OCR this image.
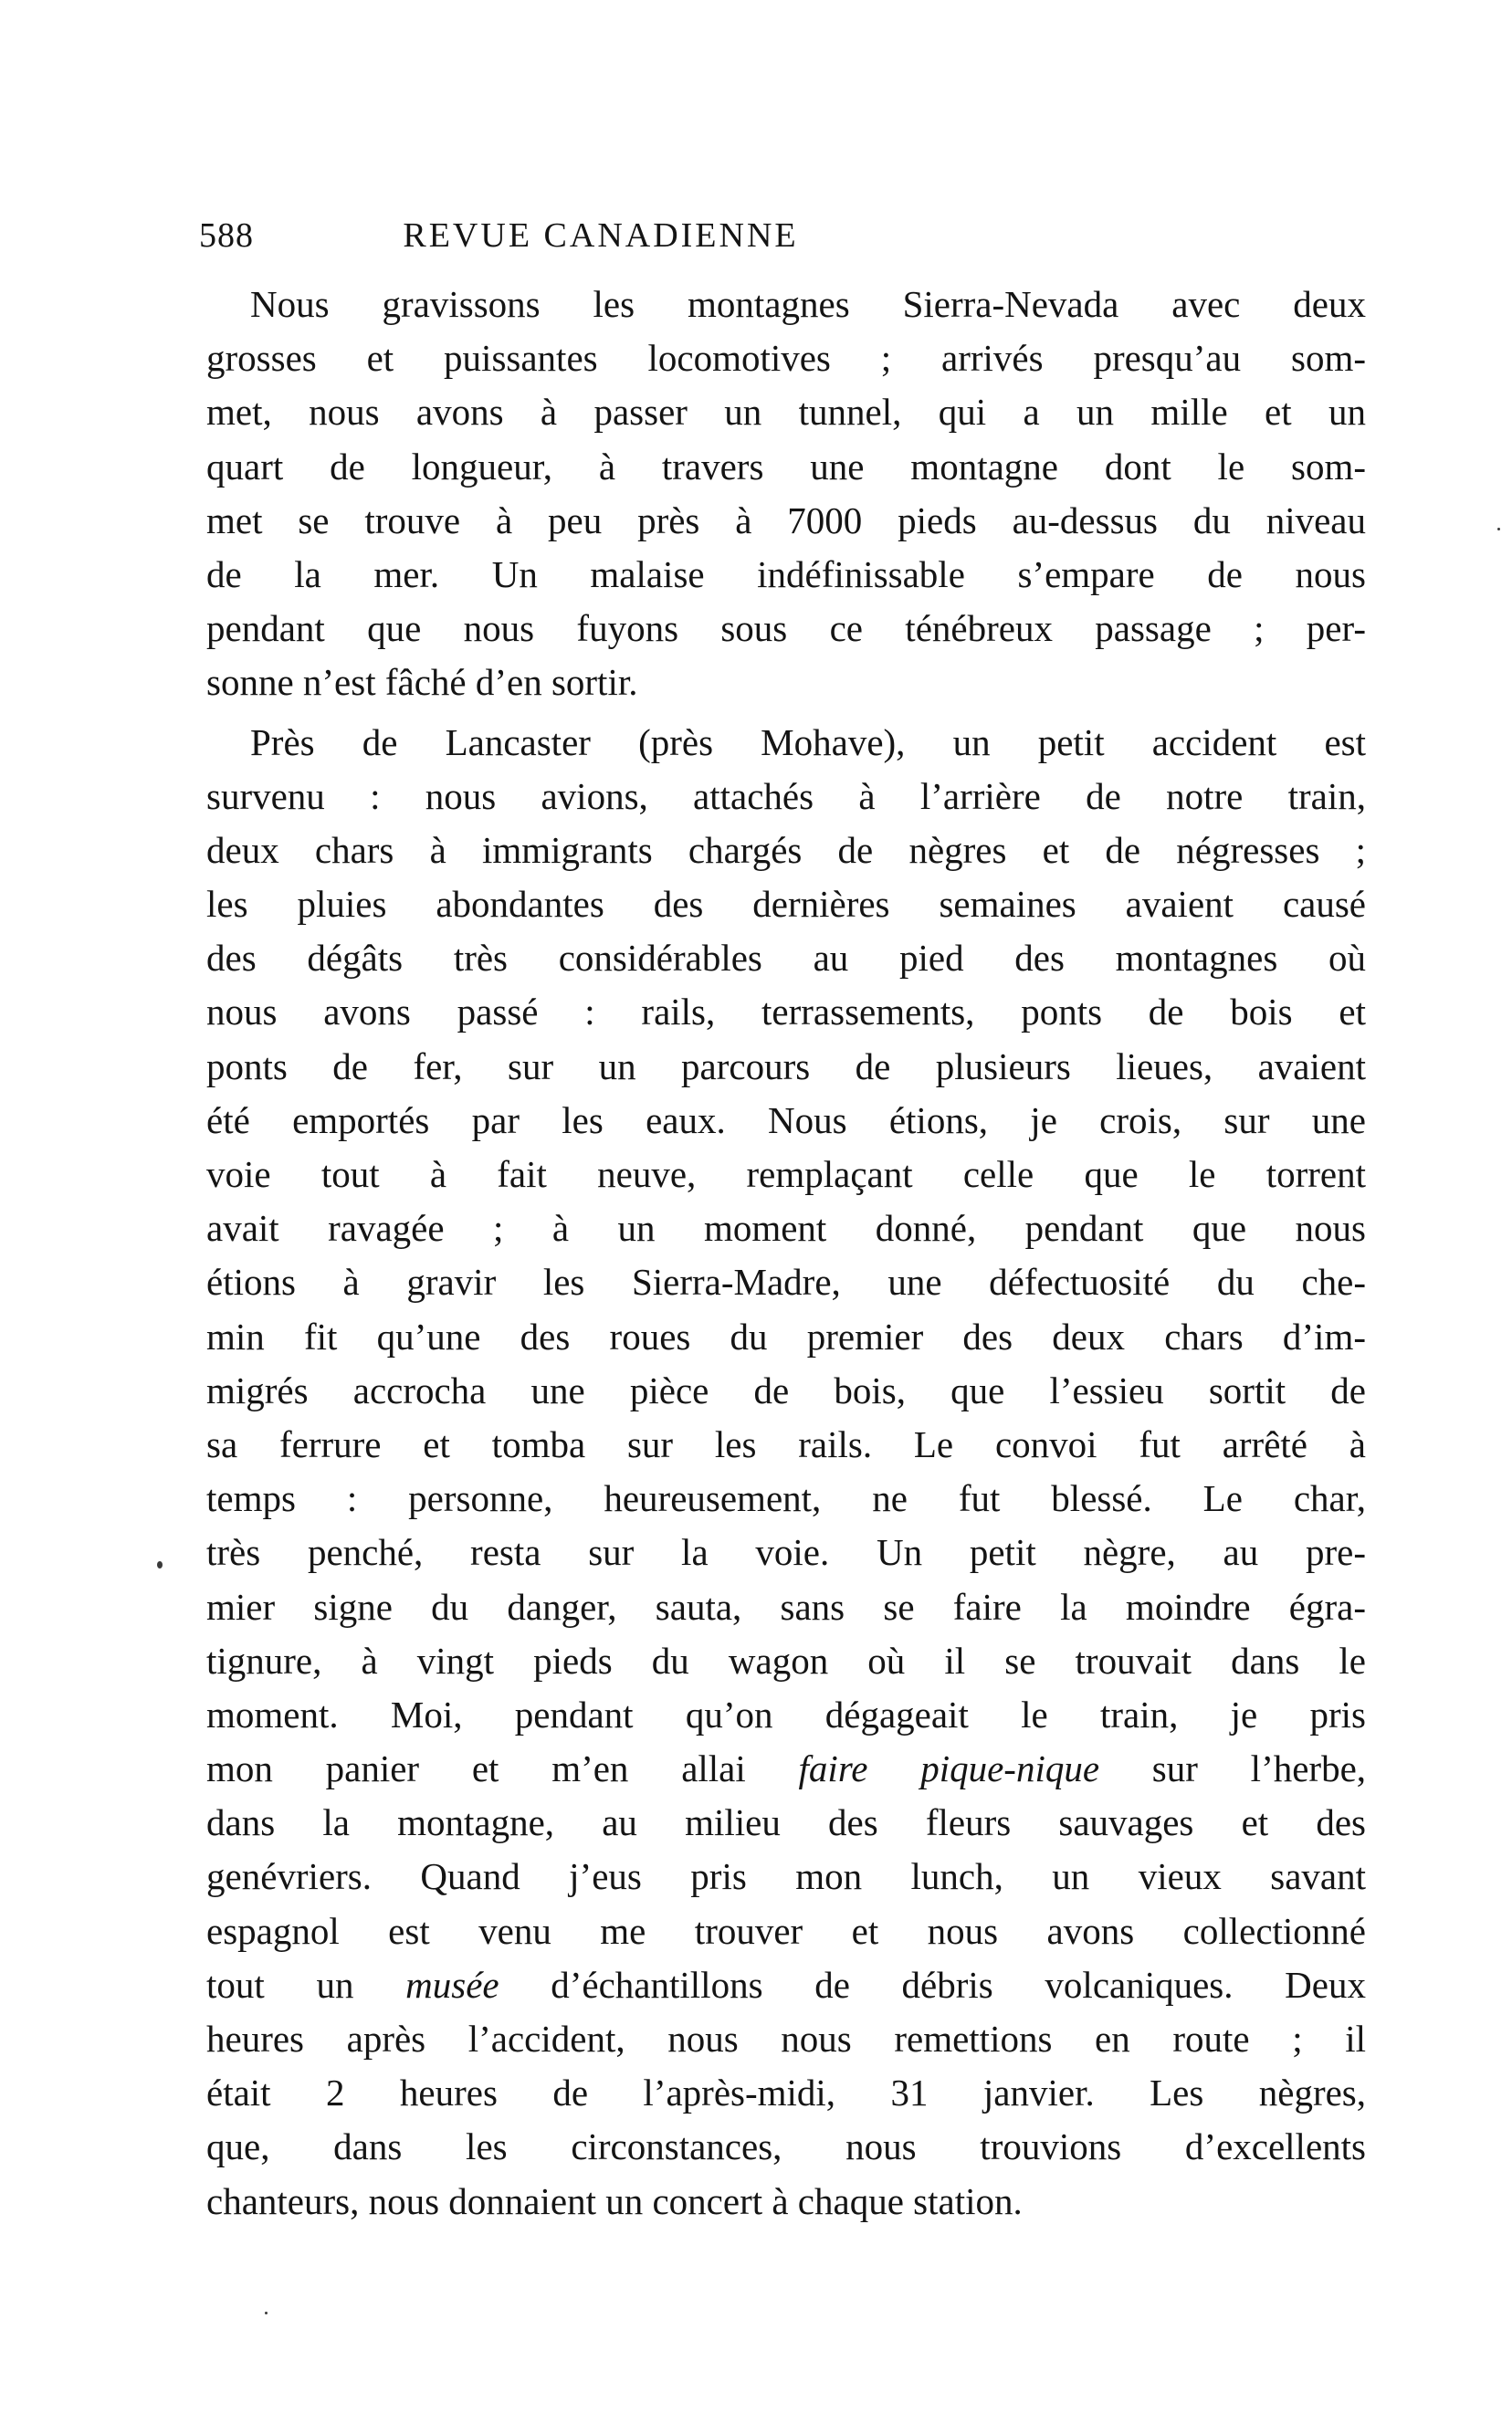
588	REVUE CANADIENNE
Nous gravissons les montagnes Sierra-Nevada avec deux
grosses et puissantes locomotives ; arrivés presqu’au som-
met, nous avons à passer un tunnel, qui a un mille et un
quart de longueur, à travers une montagne dont le som-
met se trouve à peu près à 7000 pieds au-dessus du niveau
de la mer. Un malaise indéfinissable s’empare de nous
pendant que nous fuyons sous ce ténébreux passage ; per-
sonne n’est fâché d’en sortir.
Près de Lancaster (près Mohave), un petit accident est
survenu : nous avions, attachés à l’arrière de notre train,
deux chars à immigrants chargés de nègres et de négresses ;
les pluies abondantes des dernières semaines avaient causé
des dégâts très considérables au pied des montagnes où
nous avons passé : rails, terrassements, ponts de bois et
ponts de fer, sur un parcours de plusieurs lieues, avaient
été emportés par les eaux. Nous étions, je crois, sur une
voie tout à fait neuve, remplaçant celle que le torrent
avait ravagée ; à un moment donné, pendant que nous
étions à gravir les Sierra-Madre, une défectuosité du che-
min fit qu’une des roues du premier des deux chars d’im-
migrés accrocha une pièce de bois, que l’essieu sortit de
sa ferrure et tomba sur les rails. Le convoi fut arrêté à
temps : personne, heureusement, ne fut blessé. Le char,
très penché, resta sur la voie. Un petit nègre, au pre-
mier signe du danger, sauta, sans se faire la moindre égra-
tignure, à vingt pieds du wagon où il se trouvait dans le
moment. Moi, pendant qu’on dégageait le train, je pris
mon panier et m’en allai faire pique-nique sur l’herbe,
dans la montagne, au milieu des fleurs sauvages et des
genévriers. Quand j’eus pris mon lunch, un vieux savant
espagnol est venu me trouver et nous avons collectionné
tout un musée d’échantillons de débris volcaniques. Deux
heures après l’accident, nous nous remettions en route ; il
était 2 heures de l’après-midi, 31 janvier. Les nègres,
que, dans les circonstances, nous trouvions d’excellents
chanteurs, nous donnaient un concert à chaque station.
